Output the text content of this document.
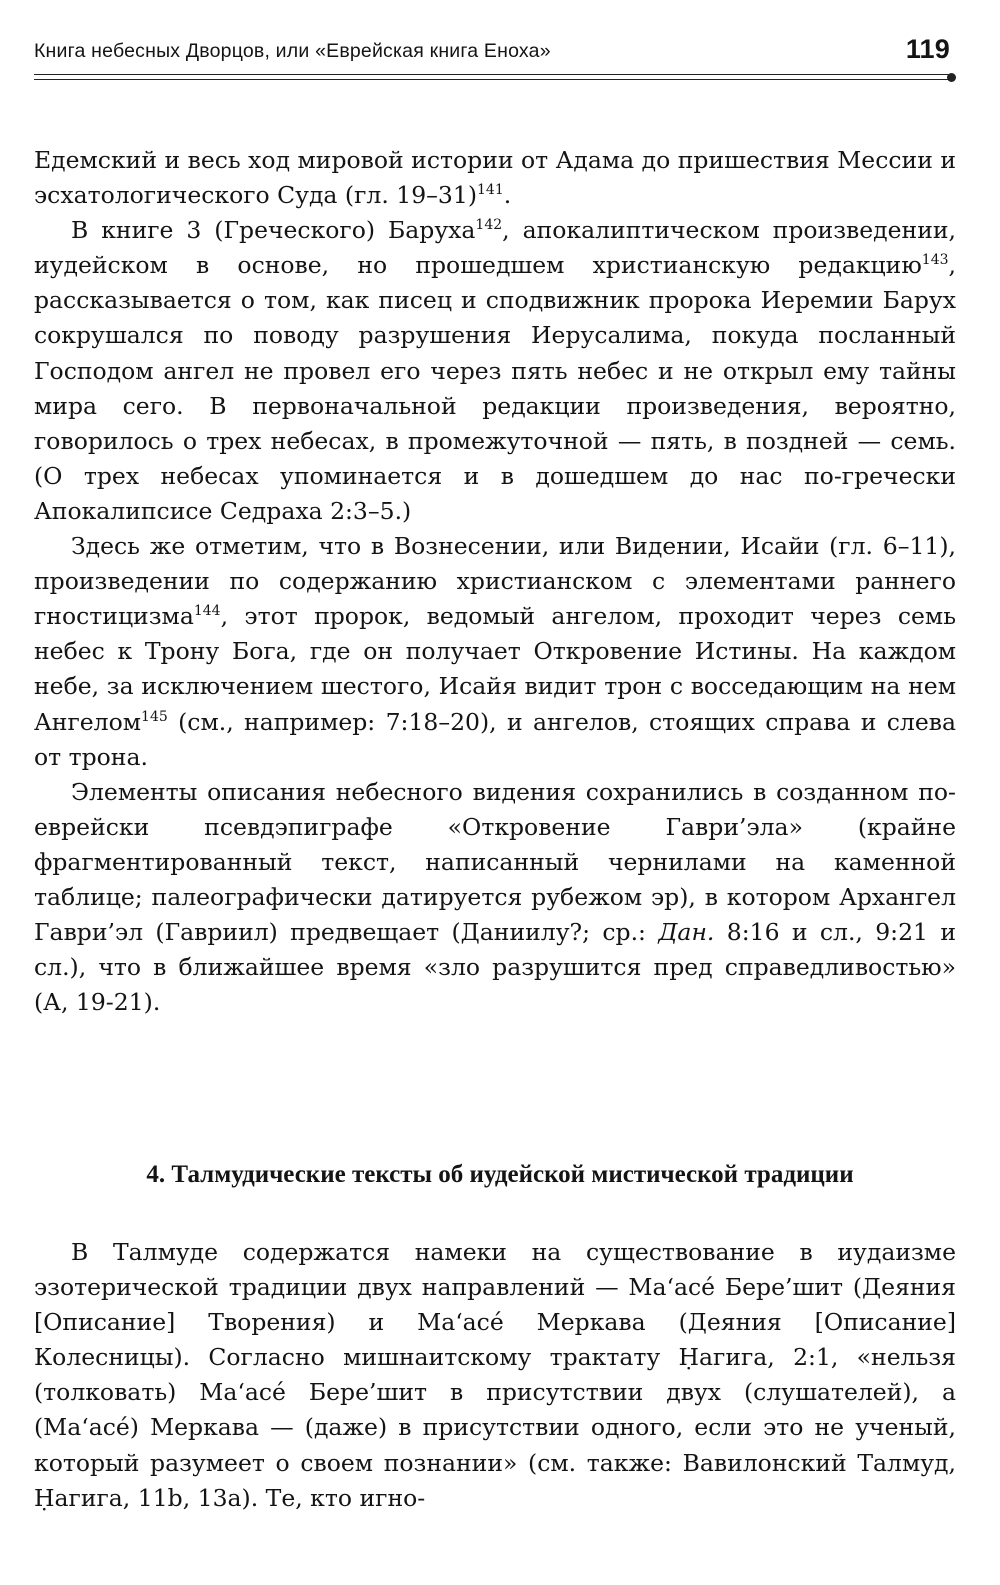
Книга небесных Дворцов, или «Еврейская книга Еноха»	119

Едемский и весь ход мировой истории от Адама до пришествия Мессии и эсхатологического Суда (гл. 19–31)$^{141}$.

В книге 3 (Греческого) Баруха$^{142}$, апокалиптическом произведении, иудейском в основе, но прошедшем христианскую редакцию$^{143}$, рассказывается о том, как писец и сподвижник пророка Иеремии Барух сокрушался по поводу разрушения Иерусалима, покуда посланный Господом ангел не провел его через пять небес и не открыл ему тайны мира сего. В первоначальной редакции произведения, вероятно, говорилось о трех небесах, в промежуточной — пять, в поздней — семь. (О трех небесах упоминается и в дошедшем до нас по-гречески Апокалипсисе Седраха 2:3–5.)

Здесь же отметим, что в Вознесении, или Видении, Исайи (гл. 6–11), произведении по содержанию христианском с элементами раннего гностицизма$^{144}$, этот пророк, ведомый ангелом, проходит через семь небес к Трону Бога, где он получает Откровение Истины. На каждом небе, за исключением шестого, Исайя видит трон с восседающим на нем Ангелом$^{145}$ (см., например: 7:18–20), и ангелов, стоящих справа и слева от трона.

Элементы описания небесного видения сохранились в созданном по-еврейски псевдэпиграфе «Откровение Гаври’эла» (крайне фрагментированный текст, написанный чернилами на каменной таблице; палеографически датируется рубежом эр), в котором Архангел Гаври’эл (Гавриил) предвещает (Даниилу?; ср.: Дан. 8:16 и сл., 9:21 и сл.), что в ближайшее время «зло разрушится пред справедливостью» (А, 19-21).

4. Талмудические тексты об иудейской мистической традиции

В Талмуде содержатся намеки на существование в иудаизме эзотерической традиции двух направлений — Ма‘асе́ Бере’шит (Деяния [Описание] Творения) и Ма‘асе́ Меркава (Деяния [Описание] Колесницы). Согласно мишнаитскому трактату Ḥагига, 2:1, «нельзя (толковать) Ма‘асе́ Бере’шит в присутствии двух (слушателей), а (Ма‘асе́) Меркава — (даже) в присутствии одного, если это не ученый, который разумеет о своем познании» (см. также: Вавилонский Талмуд, Ḥагига, 11b, 13a). Те, кто игно-
